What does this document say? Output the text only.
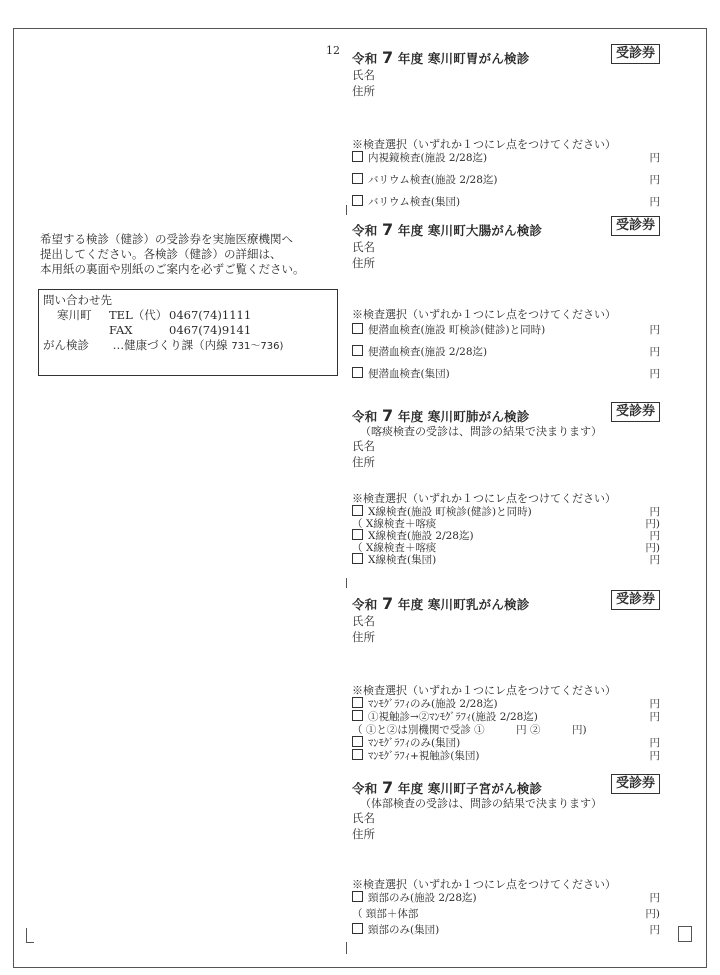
12
希望する検診（健診）の受診券を実施医療機関へ
提出してください。各検診（健診）の詳細は、
本用紙の裏面や別紙のご案内を必ずご覧ください。
問い合わせ先
寒川町 TEL（代） 0467(74)1111
FAX	0467(74)9141
がん検診 …健康づくり課（内線 731～736)
令和 7 年度 寒川町胃がん検診	受診券
氏名
住所
※検査選択（いずれか１つにレ点をつけてください）
内視鏡検査(施設 2/28迄)	円
バリウム検査(施設 2/28迄)	円
バリウム検査(集団)	円
令和 7 年度 寒川町大腸がん検診	受診券
氏名
住所
※検査選択（いずれか１つにレ点をつけてください）
便潜血検査(施設 町検診(健診)と同時)	円
便潜血検査(施設 2/28迄)	円
便潜血検査(集団)	円
令和 7 年度 寒川町肺がん検診	受診券
（喀痰検査の受診は、問診の結果で決まります）
氏名
住所
※検査選択（いずれか１つにレ点をつけてください）
X線検査(施設 町検診(健診)と同時)	円
（ X線検査＋喀痰	円)
X線検査(施設 2/28迄)	円
（ X線検査＋喀痰	円)
X線検査(集団)	円
令和 7 年度 寒川町乳がん検診	受診券
氏名
住所
※検査選択（いずれか１つにレ点をつけてください）
ﾏﾝﾓｸﾞﾗﾌｨのみ(施設 2/28迄)	円
①視触診→②ﾏﾝﾓｸﾞﾗﾌｨ(施設 2/28迄)	円
（ ①と②は別機関で受診 ①　　　円 ②　　　円)
ﾏﾝﾓｸﾞﾗﾌｨのみ(集団)	円
ﾏﾝﾓｸﾞﾗﾌｨ+視触診(集団)	円
令和 7 年度 寒川町子宮がん検診	受診券
（体部検査の受診は、問診の結果で決まります）
氏名
住所
※検査選択（いずれか１つにレ点をつけてください）
頸部のみ(施設 2/28迄)	円
（ 頸部＋体部	円)
頸部のみ(集団)	円
